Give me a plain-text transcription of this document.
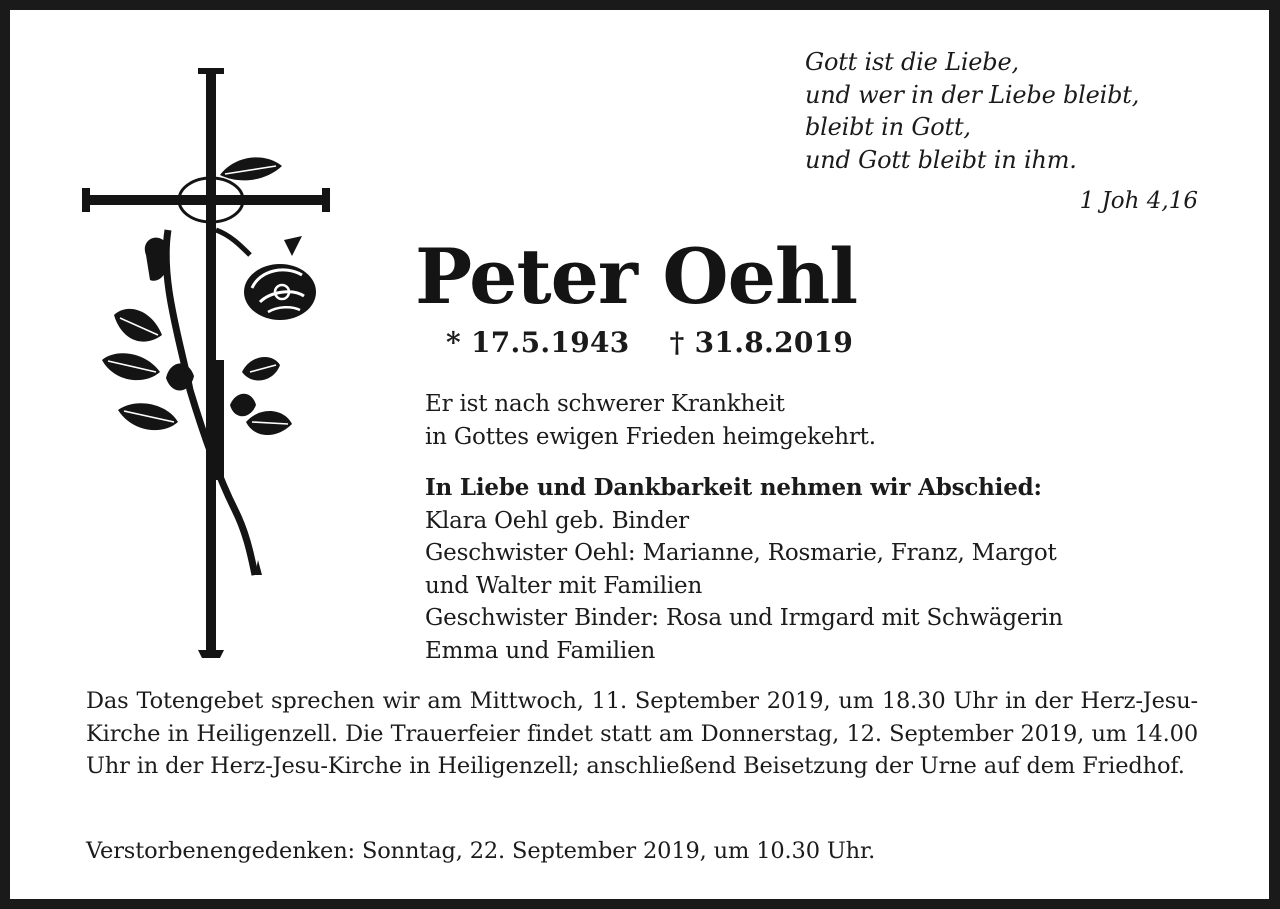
Gott ist die Liebe,
und wer in der Liebe bleibt,
bleibt in Gott,
und Gott bleibt in ihm.
1 Joh 4,16
Peter Oehl
* 17.5.1943 † 31.8.2019
Er ist nach schwerer Krankheit
in Gottes ewigen Frieden heimgekehrt.
In Liebe und Dankbarkeit nehmen wir Abschied:
Klara Oehl geb. Binder
Geschwister Oehl: Marianne, Rosmarie, Franz, Margot
und Walter mit Familien
Geschwister Binder: Rosa und Irmgard mit Schwägerin
Emma und Familien
Das Totengebet sprechen wir am Mittwoch, 11. September 2019, um 18.30 Uhr in der Herz-Jesu-Kirche in Heiligenzell. Die Trauerfeier findet statt am Donnerstag, 12. September 2019, um 14.00 Uhr in der Herz-Jesu-Kirche in Heiligenzell; anschließend Beisetzung der Urne auf dem Friedhof.
Verstorbenengedenken: Sonntag, 22. September 2019, um 10.30 Uhr.
